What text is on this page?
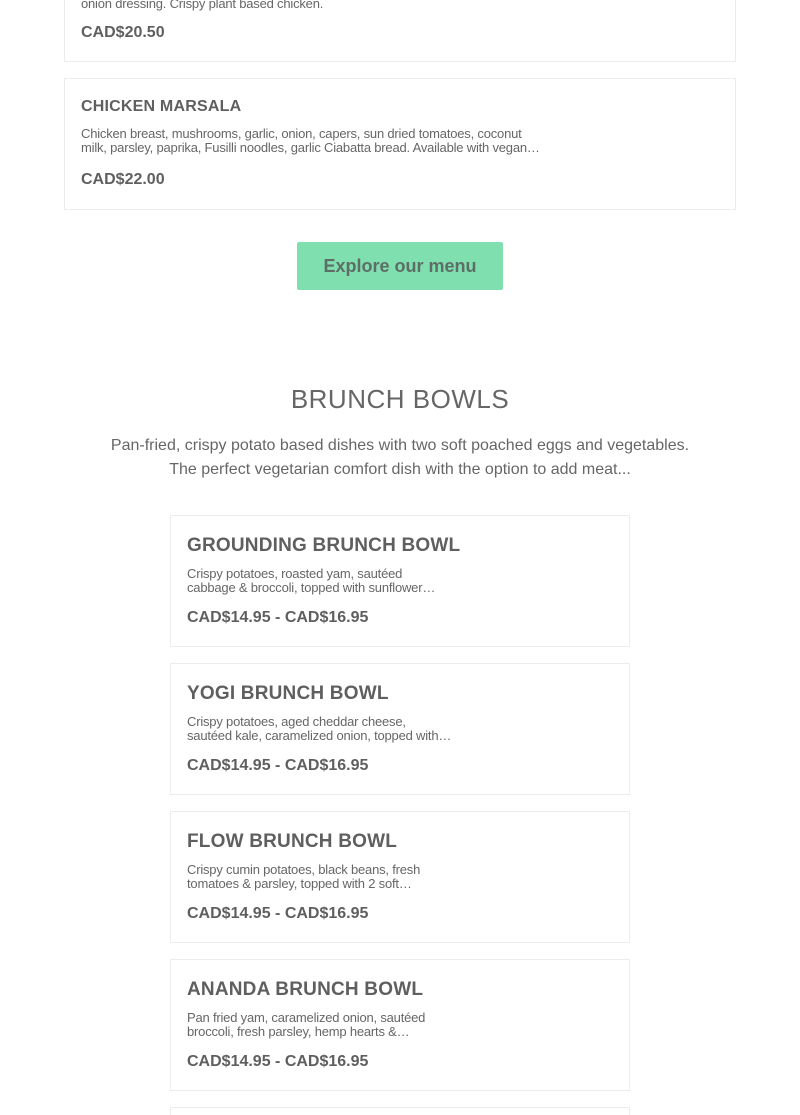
onion dressing. Crispy plant based chicken.
CAD$20.50
CHICKEN MARSALA
Chicken breast, mushrooms, garlic, onion, capers, sun dried tomatoes, coconut
milk, parsley, paprika, Fusilli noodles, garlic Ciabatta bread. Available with vegan…
CAD$22.00
Explore our menu
BRUNCH BOWLS
Pan-fried, crispy potato based dishes with two soft poached eggs and vegetables.
The perfect vegetarian comfort dish with the option to add meat...
GROUNDING BRUNCH BOWL
Crispy potatoes, roasted yam, sautéed
cabbage & broccoli, topped with sunflower…
CAD$14.95 - CAD$16.95
YOGI BRUNCH BOWL
Crispy potatoes, aged cheddar cheese,
sautéed kale, caramelized onion, topped with…
CAD$14.95 - CAD$16.95
FLOW BRUNCH BOWL
Crispy cumin potatoes, black beans, fresh
tomatoes & parsley, topped with 2 soft…
CAD$14.95 - CAD$16.95
ANANDA BRUNCH BOWL
Pan fried yam, caramelized onion, sautéed
broccoli, fresh parsley, hemp hearts &…
CAD$14.95 - CAD$16.95
